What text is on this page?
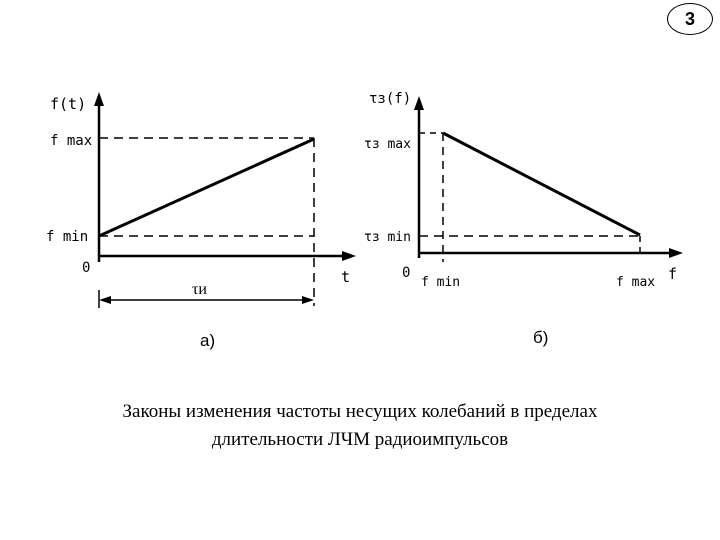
3
f(t)
f max
f min
0	t
τи
а)
τз(f)
τз max
τз min
0
f min	f max f
б)
Законы изменения частоты несущих колебаний в пределах
длительности ЛЧМ радиоимпульсов
